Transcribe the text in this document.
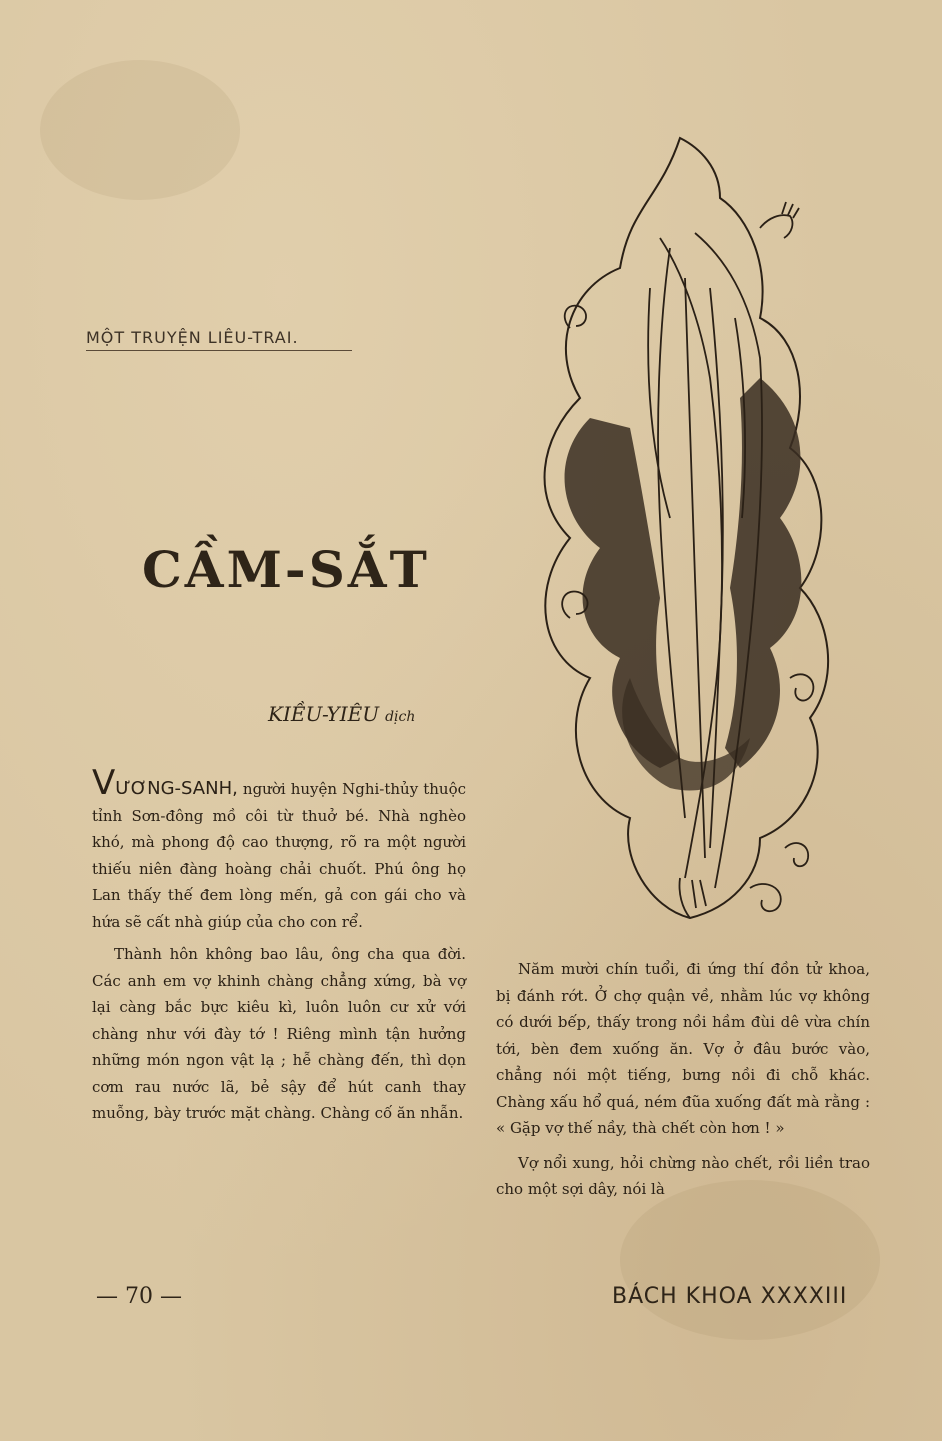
MỘT TRUYỆN LIÊU-TRAI.
CẦM-SẮT
KIỀU-YIÊU dịch

VƯƠNG-SANH, người huyện Nghi-thủy thuộc tỉnh Sơn-đông mồ côi từ thuở bé. Nhà nghèo khó, mà phong độ cao thượng, rõ ra một người thiếu niên đàng hoàng chải chuốt. Phú ông họ Lan thấy thế đem lòng mến, gả con gái cho và hứa sẽ cất nhà giúp của cho con rể.

Thành hôn không bao lâu, ông cha qua đời. Các anh em vợ khinh chàng chẳng xứng, bà vợ lại càng bắc bực kiêu kì, luôn luôn cư xử với chàng như với đày tớ ! Riêng mình tận hưởng những món ngon vật lạ ; hễ chàng đến, thì dọn cơm rau nước lã, bẻ sậy để hút canh thay muỗng, bày trước mặt chàng. Chàng cố ăn nhẫn.

Năm mười chín tuổi, đi ứng thí đồn tử khoa, bị đánh rớt. Ở chợ quận về, nhằm lúc vợ không có dưới bếp, thấy trong nồi hầm đùi dê vừa chín tới, bèn đem xuống ăn. Vợ ở đâu bước vào, chẳng nói một tiếng, bưng nồi đi chỗ khác. Chàng xấu hổ quá, ném đũa xuống đất mà rằng : « Gặp vợ thế nầy, thà chết còn hơn ! »

Vợ nổi xung, hỏi chừng nào chết, rồi liền trao cho một sợi dây, nói là

— 70 —	BÁCH KHOA XXXXIII
